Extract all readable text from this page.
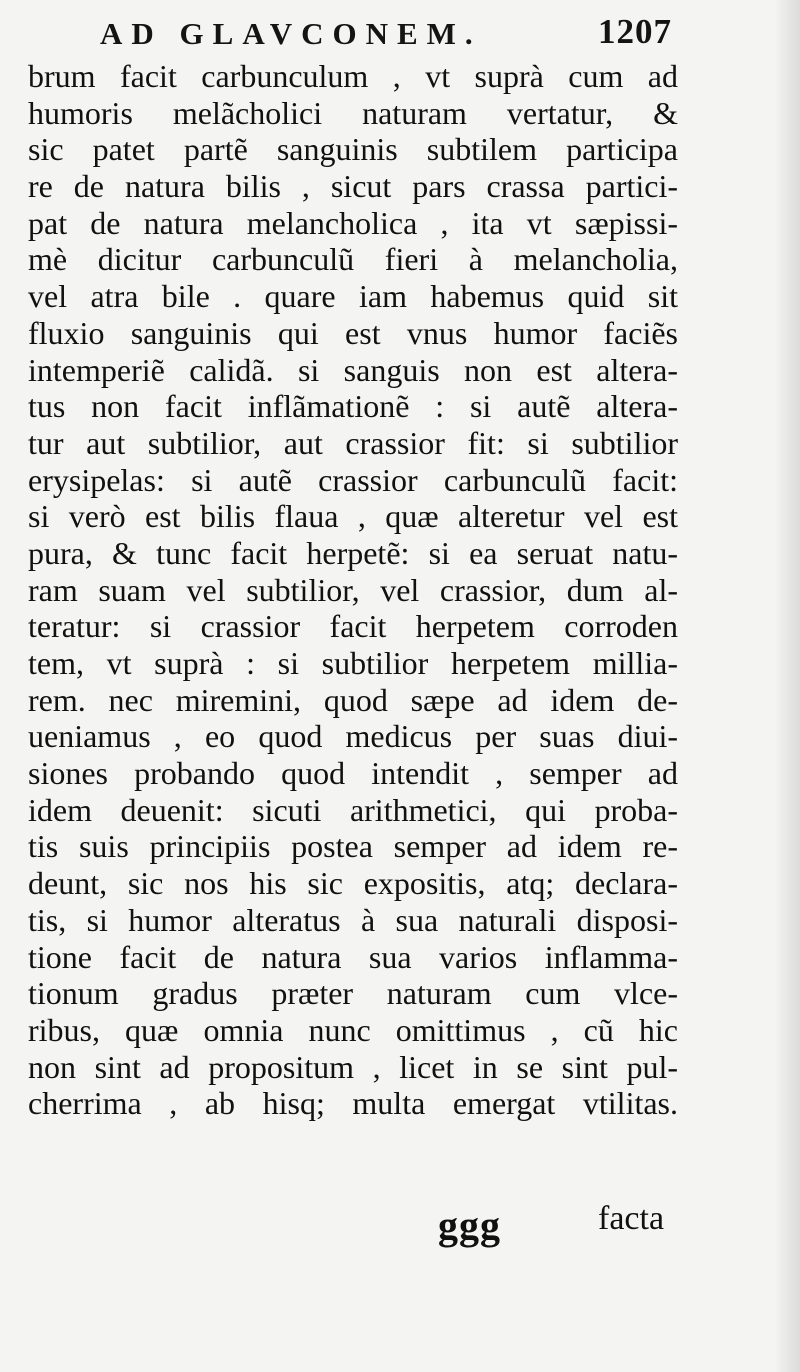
AD GLAVCONEM.	1207
brum facit carbunculum , vt suprà cum ad
humoris melãcholici naturam vertatur, &
sic patet partẽ sanguinis subtilem participa
re de natura bilis , sicut pars crassa partici-
pat de natura melancholica , ita vt sæpissi-
mè dicitur carbunculũ fieri à melancholia,
vel atra bile . quare iam habemus quid sit
fluxio sanguinis qui est vnus humor faciẽs
intemperiẽ calidã. si sanguis non est altera-
tus non facit inflãmationẽ : si autẽ altera-
tur aut subtilior, aut crassior fit: si subtilior
erysipelas: si autẽ crassior carbunculũ facit:
si verò est bilis flaua , quæ alteretur vel est
pura, & tunc facit herpetẽ: si ea seruat natu-
ram suam vel subtilior, vel crassior, dum al-
teratur: si crassior facit herpetem corroden
tem, vt suprà : si subtilior herpetem millia-
rem. nec miremini, quod sæpe ad idem de-
ueniamus , eo quod medicus per suas diui-
siones probando quod intendit , semper ad
idem deuenit: sicuti arithmetici, qui proba-
tis suis principiis postea semper ad idem re-
deunt, sic nos his sic expositis, atq; declara-
tis, si humor alteratus à sua naturali disposi-
tione facit de natura sua varios inflamma-
tionum gradus præter naturam cum vlce-
ribus, quæ omnia nunc omittimus , cũ hic
non sint ad propositum , licet in se sint pul-
cherrima , ab hisq; multa emergat vtilitas.
ggg	facta
